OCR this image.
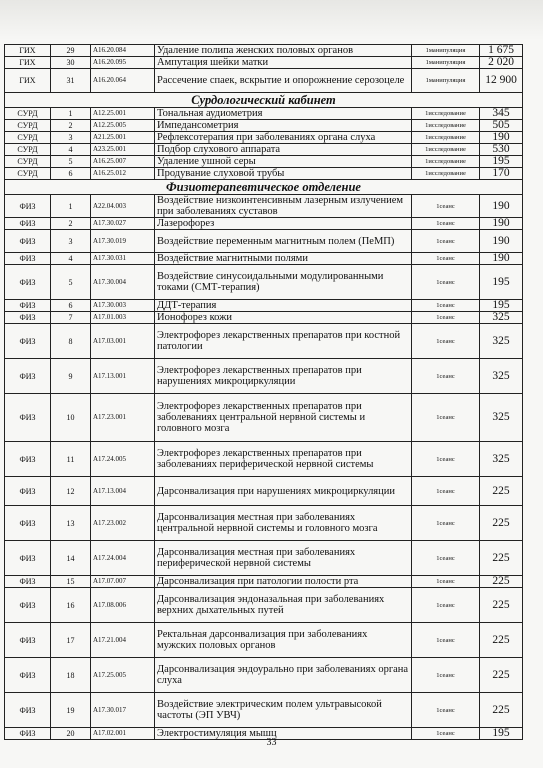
ГИХ	29	A16.20.084	Удаление полипа женских половых органов	1манипуляция	1 675
ГИХ	30	A16.20.095	Ампутация шейки матки	1манипуляция	2 020
ГИХ	31	A16.20.064	Рассечение спаек, вскрытие и опорожнение серозоцеле	1манипуляция	12 900
Сурдологический кабинет					
СУРД	1	A12.25.001	Тональная аудиометрия	1исследование	345
СУРД	2	A12.25.005	Импедансометрия	1исследование	505
СУРД	3	A21.25.001	Рефлексотерапия при заболеваниях органа слуха	1исследование	190
СУРД	4	A23.25.001	Подбор слухового аппарата	1исследование	530
СУРД	5	A16.25.007	Удаление ушной серы	1исследование	195
СУРД	6	A16.25.012	Продувание слуховой трубы	1исследование	170
Физиотерапевтическое отделение					
ФИЗ	1	A22.04.003	Воздействие низкоинтенсивным лазерным излучением при заболеваниях суставов	1сеанс	190
ФИЗ	2	A17.30.027	Лазерофорез	1сеанс	190
ФИЗ	3	A17.30.019	Воздействие переменным магнитным полем (ПеМП)	1сеанс	190
ФИЗ	4	A17.30.031	Воздействие магнитными полями	1сеанс	190
ФИЗ	5	A17.30.004	Воздействие синусоидальными модулированными токами (СМТ-терапия)	1сеанс	195
ФИЗ	6	A17.30.003	ДДТ-терапия	1сеанс	195
ФИЗ	7	A17.01.003	Ионофорез кожи	1сеанс	325
ФИЗ	8	A17.03.001	Электрофорез лекарственных препаратов при костной патологии	1сеанс	325
ФИЗ	9	A17.13.001	Электрофорез лекарственных препаратов при нарушениях микроциркуляции	1сеанс	325
ФИЗ	10	A17.23.001	Электрофорез лекарственных препаратов при заболеваниях центральной нервной системы и головного мозга	1сеанс	325
ФИЗ	11	A17.24.005	Электрофорез лекарственных препаратов при заболеваниях периферической нервной системы	1сеанс	325
ФИЗ	12	A17.13.004	Дарсонвализация при нарушениях микроциркуляции	1сеанс	225
ФИЗ	13	A17.23.002	Дарсонвализация местная при заболеваниях центральной нервной системы и головного мозга	1сеанс	225
ФИЗ	14	A17.24.004	Дарсонвализация местная при заболеваниях периферической нервной системы	1сеанс	225
ФИЗ	15	A17.07.007	Дарсонвализация при патологии полости рта	1сеанс	225
ФИЗ	16	A17.08.006	Дарсонвализация эндоназальная при заболеваниях верхних дыхательных путей	1сеанс	225
ФИЗ	17	A17.21.004	Ректальная дарсонвализация при заболеваниях мужских половых органов	1сеанс	225
ФИЗ	18	A17.25.005	Дарсонвализация эндоурально при заболеваниях органа слуха	1сеанс	225
ФИЗ	19	A17.30.017	Воздействие электрическим полем ультравысокой частоты (ЭП УВЧ)	1сеанс	225
ФИЗ	20	A17.02.001	Электростимуляция мышц	1сеанс	195
33
